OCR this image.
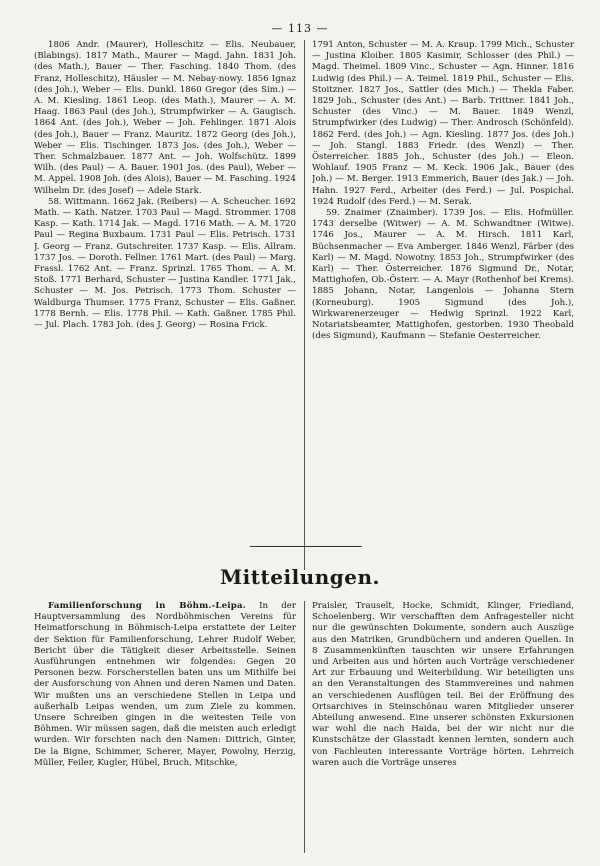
— 113 —

1806 Andr. (Maurer), Holleschitz — Elis. Neubauer, (Blabings). 1817 Math., Maurer — Magd. Jahn. 1831 Joh. (des Math.), Bauer — Ther. Fasching. 1840 Thom. (des Franz, Holleschitz), Häusler — M. Nebay-nowy. 1856 Ignaz (des Joh.), Weber — Elis. Dunkl. 1860 Gregor (des Sim.) — A. M. Kiesling. 1861 Leop. (des Math.), Maurer — A. M. Haag. 1863 Paul (des Joh.), Strumpfwirker — A. Gaugisch. 1864 Ant. (des Joh.), Weber — Joh. Fehlinger. 1871 Alois (des Joh.), Bauer — Franz. Mauritz. 1872 Georg (des Joh.), Weber — Elis. Tischinger. 1873 Jos. (des Joh.), Weber — Ther. Schmalzbauer. 1877 Ant. — Joh. Wolfschütz. 1899 Wilh. (des Paul) — A. Bauer. 1901 Jos. (des Paul), Weber — M. Appel. 1908 Joh. (des Alois), Bauer — M. Fasching. 1924 Wilhelm Dr. (des Josef) — Adele Stark.

58. Wittmann. 1662 Jak. (Reibers) — A. Scheucher. 1692 Math. — Kath. Natzer. 1703 Paul — Magd. Strommer. 1708 Kasp. — Kath. 1714 Jak. — Magd. 1716 Math. — A. M. 1720 Paul — Regina Buxbaum. 1731 Paul — Elis. Petrisch. 1731 J. Georg — Franz. Gutschreiter. 1737 Kasp. — Elis. Allram. 1737 Jos. — Doroth. Fellner. 1761 Mart. (des Paul) — Marg. Frassl. 1762 Ant. — Franz. Sprinzl. 1765 Thom. — A. M. Stoß. 1771 Berhard, Schuster — Justina Kandler. 1771 Jak., Schuster — M. Jos. Petrisch. 1773 Thom. Schuster — Waldburga Thumser. 1775 Franz, Schuster — Elis. Gaßner. 1778 Bernh. — Elis. 1778 Phil. — Kath. Gaßner. 1785 Phil. — Jul. Plach. 1783 Joh. (des J. Georg) — Rosina Frick.

1791 Anton, Schuster — M. A. Kraup. 1799 Mich., Schuster — Justina Kloiber. 1805 Kasimir, Schlosser (des Phil.) — Magd. Theimel. 1809 Vinc., Schuster — Agn. Hinner. 1816 Ludwig (des Phil.) — A. Teimel. 1819 Phil., Schuster — Elis. Stoitzner. 1827 Jos., Sattler (des Mich.) — Thekla Faber. 1829 Joh., Schuster (des Ant.) — Barb. Trittner. 1841 Joh., Schuster (des Vinc.) — M. Bauer. 1849 Wenzl, Strumpfwirker (des Ludwig) — Ther. Androsch (Schönfeld). 1862 Ferd. (des Joh.) — Agn. Kiesling. 1877 Jos. (des Joh.) — Joh. Stangl. 1883 Friedr. (des Wenzl) — Ther. Österreicher. 1885 Joh., Schuster (des Joh.) — Eleon. Wohlauf. 1905 Franz — M. Keck. 1906 Jak., Bauer (des Joh.) — M. Berger. 1913 Emmerich, Bauer (des Jak.) — Joh. Hahn. 1927 Ferd., Arbeiter (des Ferd.) — Jul. Pospichal. 1924 Rudolf (des Ferd.) — M. Serak.

59. Znaimer (Znaimber). 1739 Jos. — Elis. Hofmüller. 1743 derselbe (Witwer) — A. M. Schwandtner (Witwe). 1746 Jos., Maurer — A. M. Hirsch. 1811 Karl, Büchsenmacher — Eva Amberger. 1846 Wenzl, Färber (des Karl) — M. Magd. Nowotny. 1853 Joh., Strumpfwirker (des Karl) — Ther. Österreicher. 1876 Sigmund Dr., Notar, Mattighofen, Ob.-Österr. — A. Mayr (Rothenhof bei Krems). 1885 Johann, Notar, Langenlois — Johanna Stern (Korneuburg). 1905 Sigmund (des Joh.), Wirkwarenerzeuger — Hedwig Sprinzl. 1922 Karl, Notariatsbeamter, Mattighofen, gestorben. 1930 Theobald (des Sigmund), Kaufmann — Stefanie Oesterreicher.

Mitteilungen.

Familienforschung in Böhm.-Leipa. In der Hauptversammlung des Nordböhmischen Vereins für Heimatforschung in Böhmisch-Leipa erstattete der Leiter der Sektion für Familienforschung, Lehrer Rudolf Weber, Bericht über die Tätigkeit dieser Arbeitsstelle. Seinen Ausführungen entnehmen wir folgendes: Gegen 20 Personen bezw. Forscherstellen baten uns um Mithilfe bei der Ausforschung von Ahnen und deren Namen und Daten. Wir mußten uns an verschiedene Stellen in Leipa und außerhalb Leipas wenden, um zum Ziele zu kommen. Unsere Schreiben gingen in die weitesten Teile von Böhmen. Wir müssen sagen, daß die meisten auch erledigt wurden. Wir forschten nach den Namen: Dittrich, Ginter, De la Bigne, Schimmer, Scherer, Mayer, Powolny, Herzig, Müller, Feiler, Kugler, Hübel, Bruch, Mitschke,

Praisler, Trauselt, Hocke, Schmidt, Klinger, Friedland, Schoelenberg. Wir verschafften dem Anfragesteller nicht nur die gewünschten Dokumente, sondern auch Auszüge aus den Matriken, Grundbüchern und anderen Quellen. In 8 Zusammenkünften tauschten wir unsere Erfahrungen und Arbeiten aus und hörten auch Vorträge verschiedener Art zur Erbauung und Weiterbildung. Wir beteiligten uns an den Veranstaltungen des Stammvereines und nahmen an verschiedenen Ausflügen teil. Bei der Eröffnung des Ortsarchives in Steinschönau waren Mitglieder unserer Abteilung anwesend. Eine unserer schönsten Exkursionen war wohl die nach Haida, bei der wir nicht nur die Kunstschätze der Glasstadt kennen lernten, sondern auch von Fachleuten interessante Vorträge hörten. Lehrreich waren auch die Vorträge unseres
